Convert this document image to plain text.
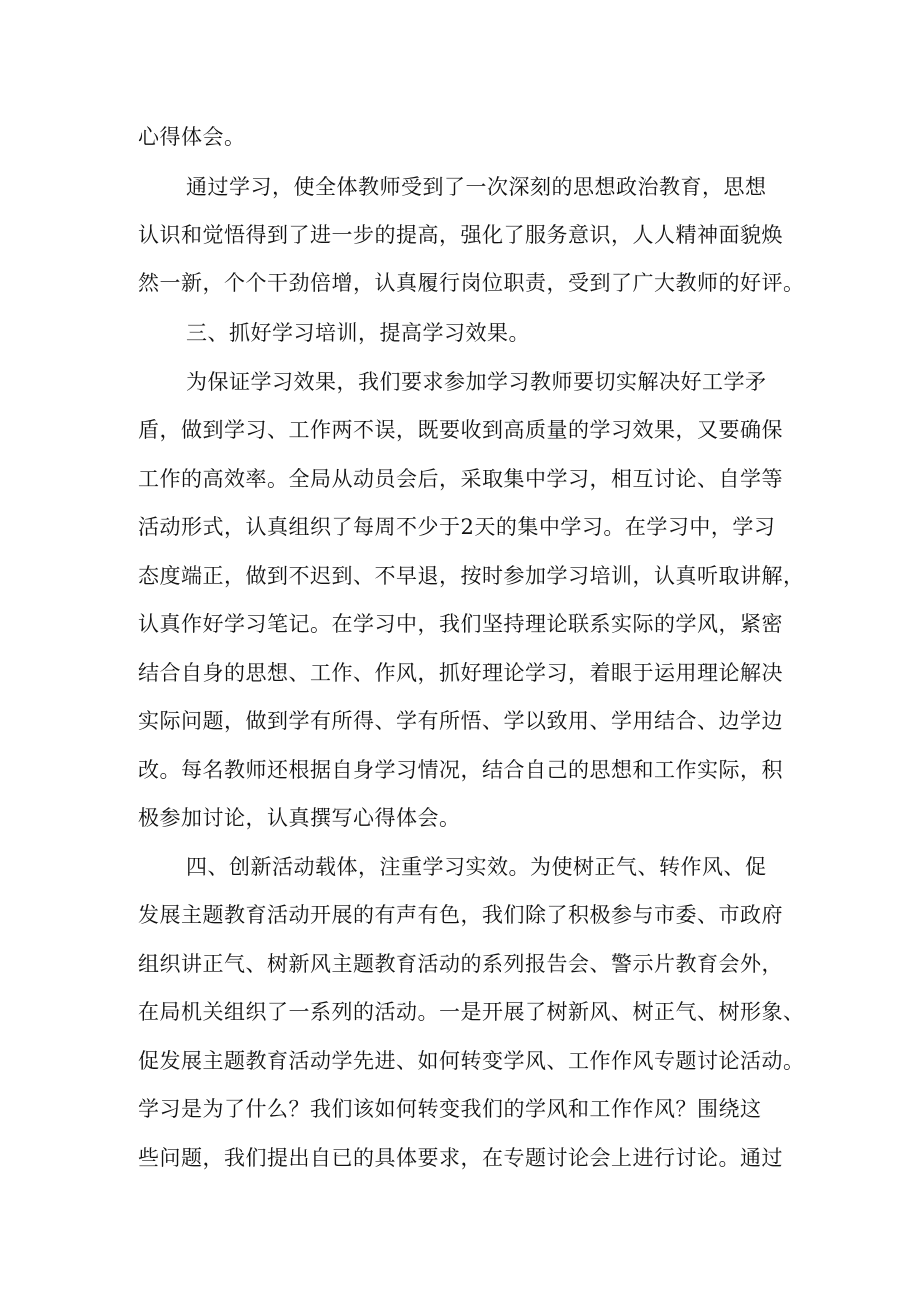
心得体会。
通过学习，使全体教师受到了一次深刻的思想政治教育，思想
认识和觉悟得到了进一步的提高，强化了服务意识，人人精神面貌焕
然一新，个个干劲倍增，认真履行岗位职责，受到了广大教师的好评。
三、抓好学习培训，提高学习效果。
为保证学习效果，我们要求参加学习教师要切实解决好工学矛
盾，做到学习、工作两不误，既要收到高质量的学习效果，又要确保
工作的高效率。全局从动员会后，采取集中学习，相互讨论、自学等
活动形式，认真组织了每周不少于2天的集中学习。在学习中，学习
态度端正，做到不迟到、不早退，按时参加学习培训，认真听取讲解，
认真作好学习笔记。在学习中，我们坚持理论联系实际的学风，紧密
结合自身的思想、工作、作风，抓好理论学习，着眼于运用理论解决
实际问题，做到学有所得、学有所悟、学以致用、学用结合、边学边
改。每名教师还根据自身学习情况，结合自己的思想和工作实际，积
极参加讨论，认真撰写心得体会。
四、创新活动载体，注重学习实效。为使树正气、转作风、促
发展主题教育活动开展的有声有色，我们除了积极参与市委、市政府
组织讲正气、树新风主题教育活动的系列报告会、警示片教育会外，
在局机关组织了一系列的活动。一是开展了树新风、树正气、树形象、
促发展主题教育活动学先进、如何转变学风、工作作风专题讨论活动。
学习是为了什么？我们该如何转变我们的学风和工作作风？围绕这
些问题，我们提出自已的具体要求，在专题讨论会上进行讨论。通过
